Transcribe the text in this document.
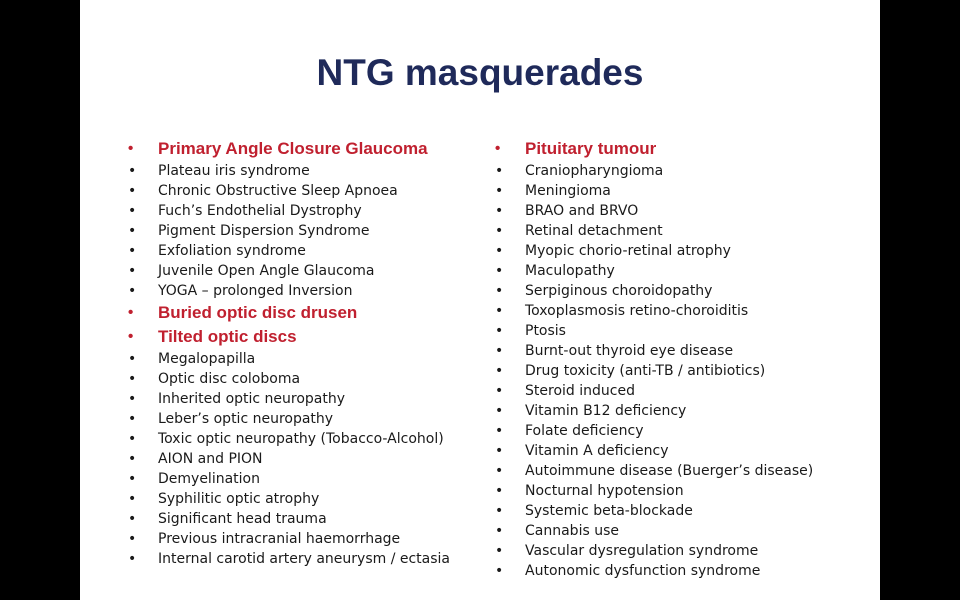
NTG masquerades
• Primary Angle Closure Glaucoma
• Plateau iris syndrome
• Chronic Obstructive Sleep Apnoea
• Fuch’s Endothelial Dystrophy
• Pigment Dispersion Syndrome
• Exfoliation syndrome
• Juvenile Open Angle Glaucoma
• YOGA – prolonged Inversion
• Buried optic disc drusen
• Tilted optic discs
• Megalopapilla
• Optic disc coloboma
• Inherited optic neuropathy
• Leber’s optic neuropathy
• Toxic optic neuropathy (Tobacco-Alcohol)
• AION and PION
• Demyelination
• Syphilitic optic atrophy
• Significant head trauma
• Previous intracranial haemorrhage
• Internal carotid artery aneurysm / ectasia
• Pituitary tumour
• Craniopharyngioma
• Meningioma
• BRAO and BRVO
• Retinal detachment
• Myopic chorio-retinal atrophy
• Maculopathy
• Serpiginous choroidopathy
• Toxoplasmosis retino-choroiditis
• Ptosis
• Burnt-out thyroid eye disease
• Drug toxicity (anti-TB / antibiotics)
• Steroid induced
• Vitamin B12 deficiency
• Folate deficiency
• Vitamin A deficiency
• Autoimmune disease (Buerger’s disease)
• Nocturnal hypotension
• Systemic beta-blockade
• Cannabis use
• Vascular dysregulation syndrome
• Autonomic dysfunction syndrome
